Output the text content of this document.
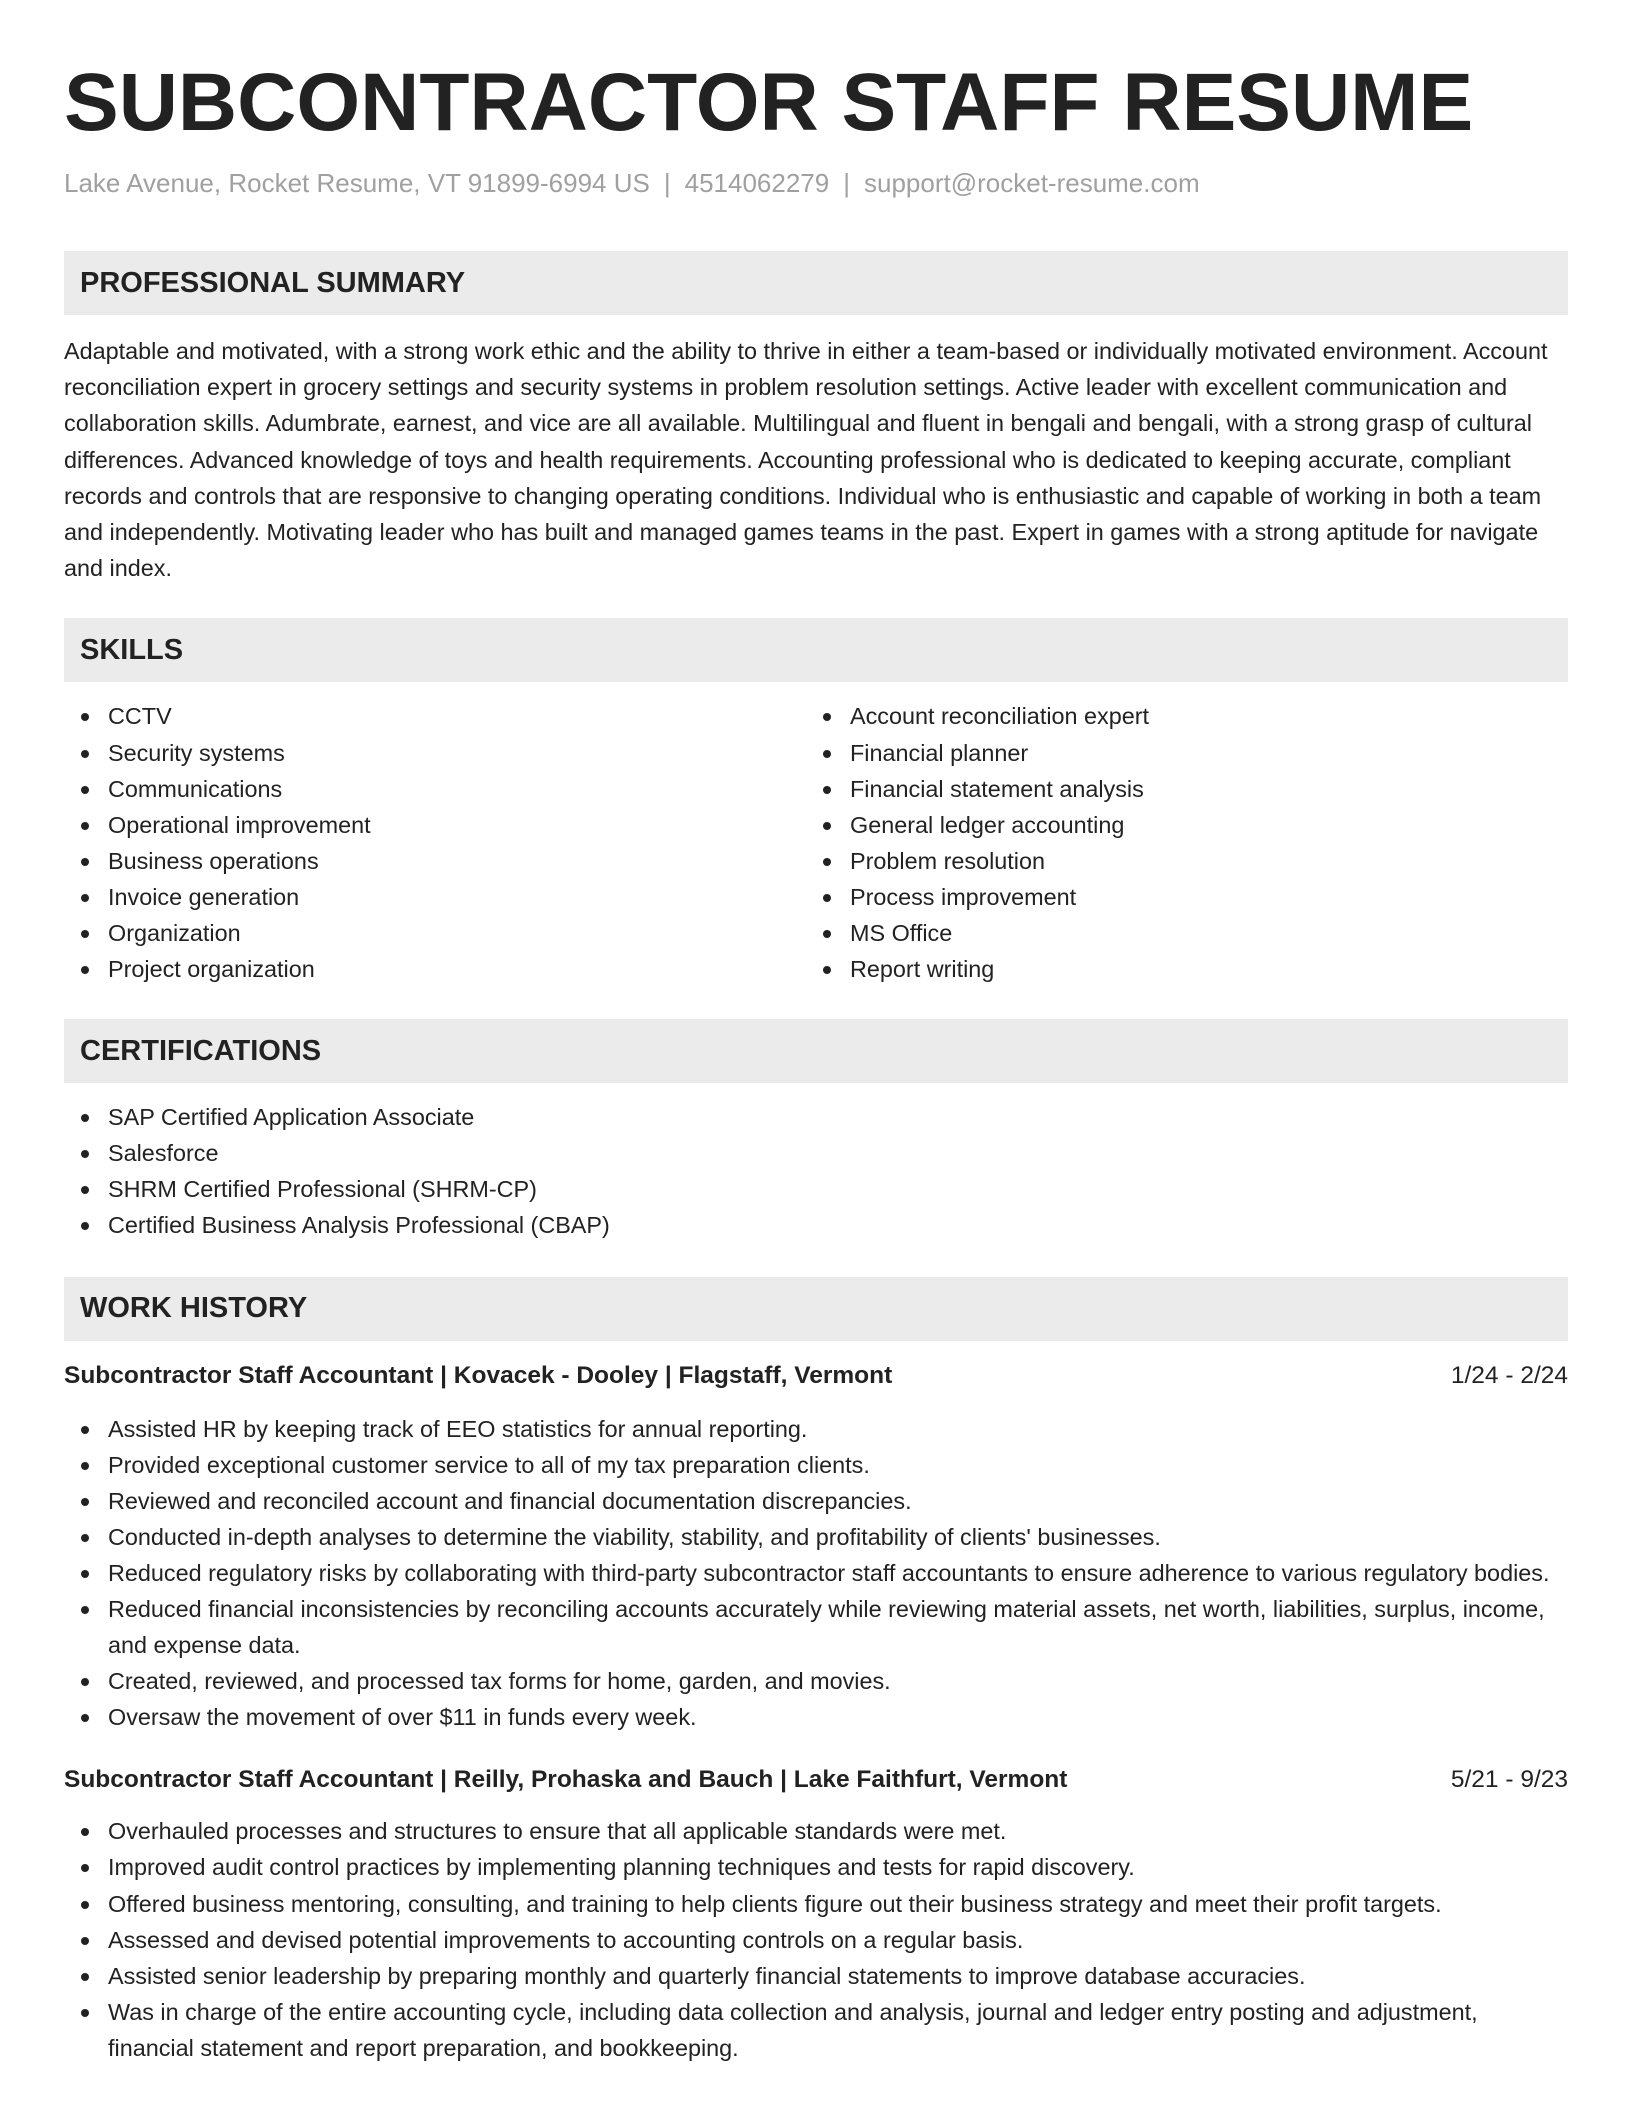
SUBCONTRACTOR STAFF RESUME
Lake Avenue, Rocket Resume, VT 91899-6994 US | 4514062279 | support@rocket-resume.com
PROFESSIONAL SUMMARY
Adaptable and motivated, with a strong work ethic and the ability to thrive in either a team-based or individually motivated environment. Account reconciliation expert in grocery settings and security systems in problem resolution settings. Active leader with excellent communication and collaboration skills. Adumbrate, earnest, and vice are all available. Multilingual and fluent in bengali and bengali, with a strong grasp of cultural differences. Advanced knowledge of toys and health requirements. Accounting professional who is dedicated to keeping accurate, compliant records and controls that are responsive to changing operating conditions. Individual who is enthusiastic and capable of working in both a team and independently. Motivating leader who has built and managed games teams in the past. Expert in games with a strong aptitude for navigate and index.
SKILLS
CCTV
Security systems
Communications
Operational improvement
Business operations
Invoice generation
Organization
Project organization
Account reconciliation expert
Financial planner
Financial statement analysis
General ledger accounting
Problem resolution
Process improvement
MS Office
Report writing
CERTIFICATIONS
SAP Certified Application Associate
Salesforce
SHRM Certified Professional (SHRM-CP)
Certified Business Analysis Professional (CBAP)
WORK HISTORY
Subcontractor Staff Accountant | Kovacek - Dooley | Flagstaff, Vermont	1/24 - 2/24
Assisted HR by keeping track of EEO statistics for annual reporting.
Provided exceptional customer service to all of my tax preparation clients.
Reviewed and reconciled account and financial documentation discrepancies.
Conducted in-depth analyses to determine the viability, stability, and profitability of clients' businesses.
Reduced regulatory risks by collaborating with third-party subcontractor staff accountants to ensure adherence to various regulatory bodies.
Reduced financial inconsistencies by reconciling accounts accurately while reviewing material assets, net worth, liabilities, surplus, income, and expense data.
Created, reviewed, and processed tax forms for home, garden, and movies.
Oversaw the movement of over $11 in funds every week.
Subcontractor Staff Accountant | Reilly, Prohaska and Bauch | Lake Faithfurt, Vermont	5/21 - 9/23
Overhauled processes and structures to ensure that all applicable standards were met.
Improved audit control practices by implementing planning techniques and tests for rapid discovery.
Offered business mentoring, consulting, and training to help clients figure out their business strategy and meet their profit targets.
Assessed and devised potential improvements to accounting controls on a regular basis.
Assisted senior leadership by preparing monthly and quarterly financial statements to improve database accuracies.
Was in charge of the entire accounting cycle, including data collection and analysis, journal and ledger entry posting and adjustment, financial statement and report preparation, and bookkeeping.
